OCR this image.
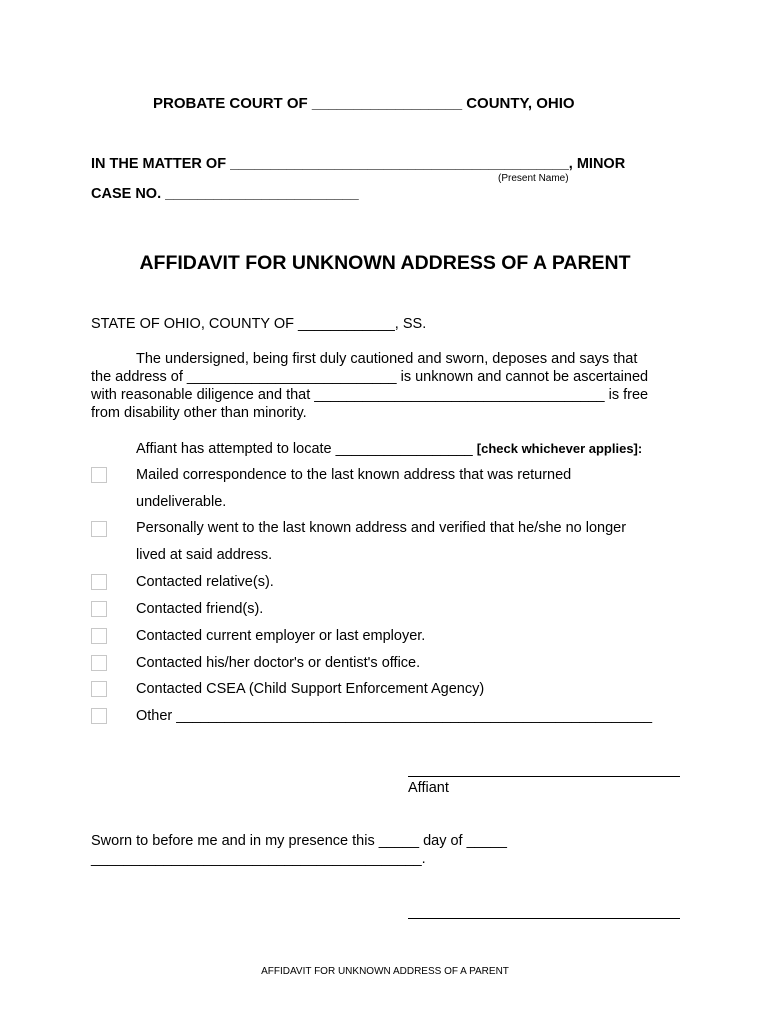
PROBATE COURT OF __________________ COUNTY, OHIO
IN THE MATTER OF __________________________________________, MINOR
(Present Name)
CASE NO. ________________________
AFFIDAVIT FOR UNKNOWN ADDRESS OF A PARENT
STATE OF OHIO, COUNTY OF ____________, SS.
The undersigned, being first duly cautioned and sworn, deposes and says that
the address of __________________________ is unknown and cannot be ascertained
with reasonable diligence and that ____________________________________ is free
from disability other than minority.
Affiant has attempted to locate _________________ [check whichever applies]:
Mailed correspondence to the last known address that was returned
undeliverable.
Personally went to the last known address and verified that he/she no longer
lived at said address.
Contacted relative(s).
Contacted friend(s).
Contacted current employer or last employer.
Contacted his/her doctor's or dentist's office.
Contacted CSEA (Child Support Enforcement Agency)
Other ___________________________________________________________
Affiant
Sworn to before me and in my presence this _____ day of _____
_________________________________________.
AFFIDAVIT FOR UNKNOWN ADDRESS OF A PARENT
